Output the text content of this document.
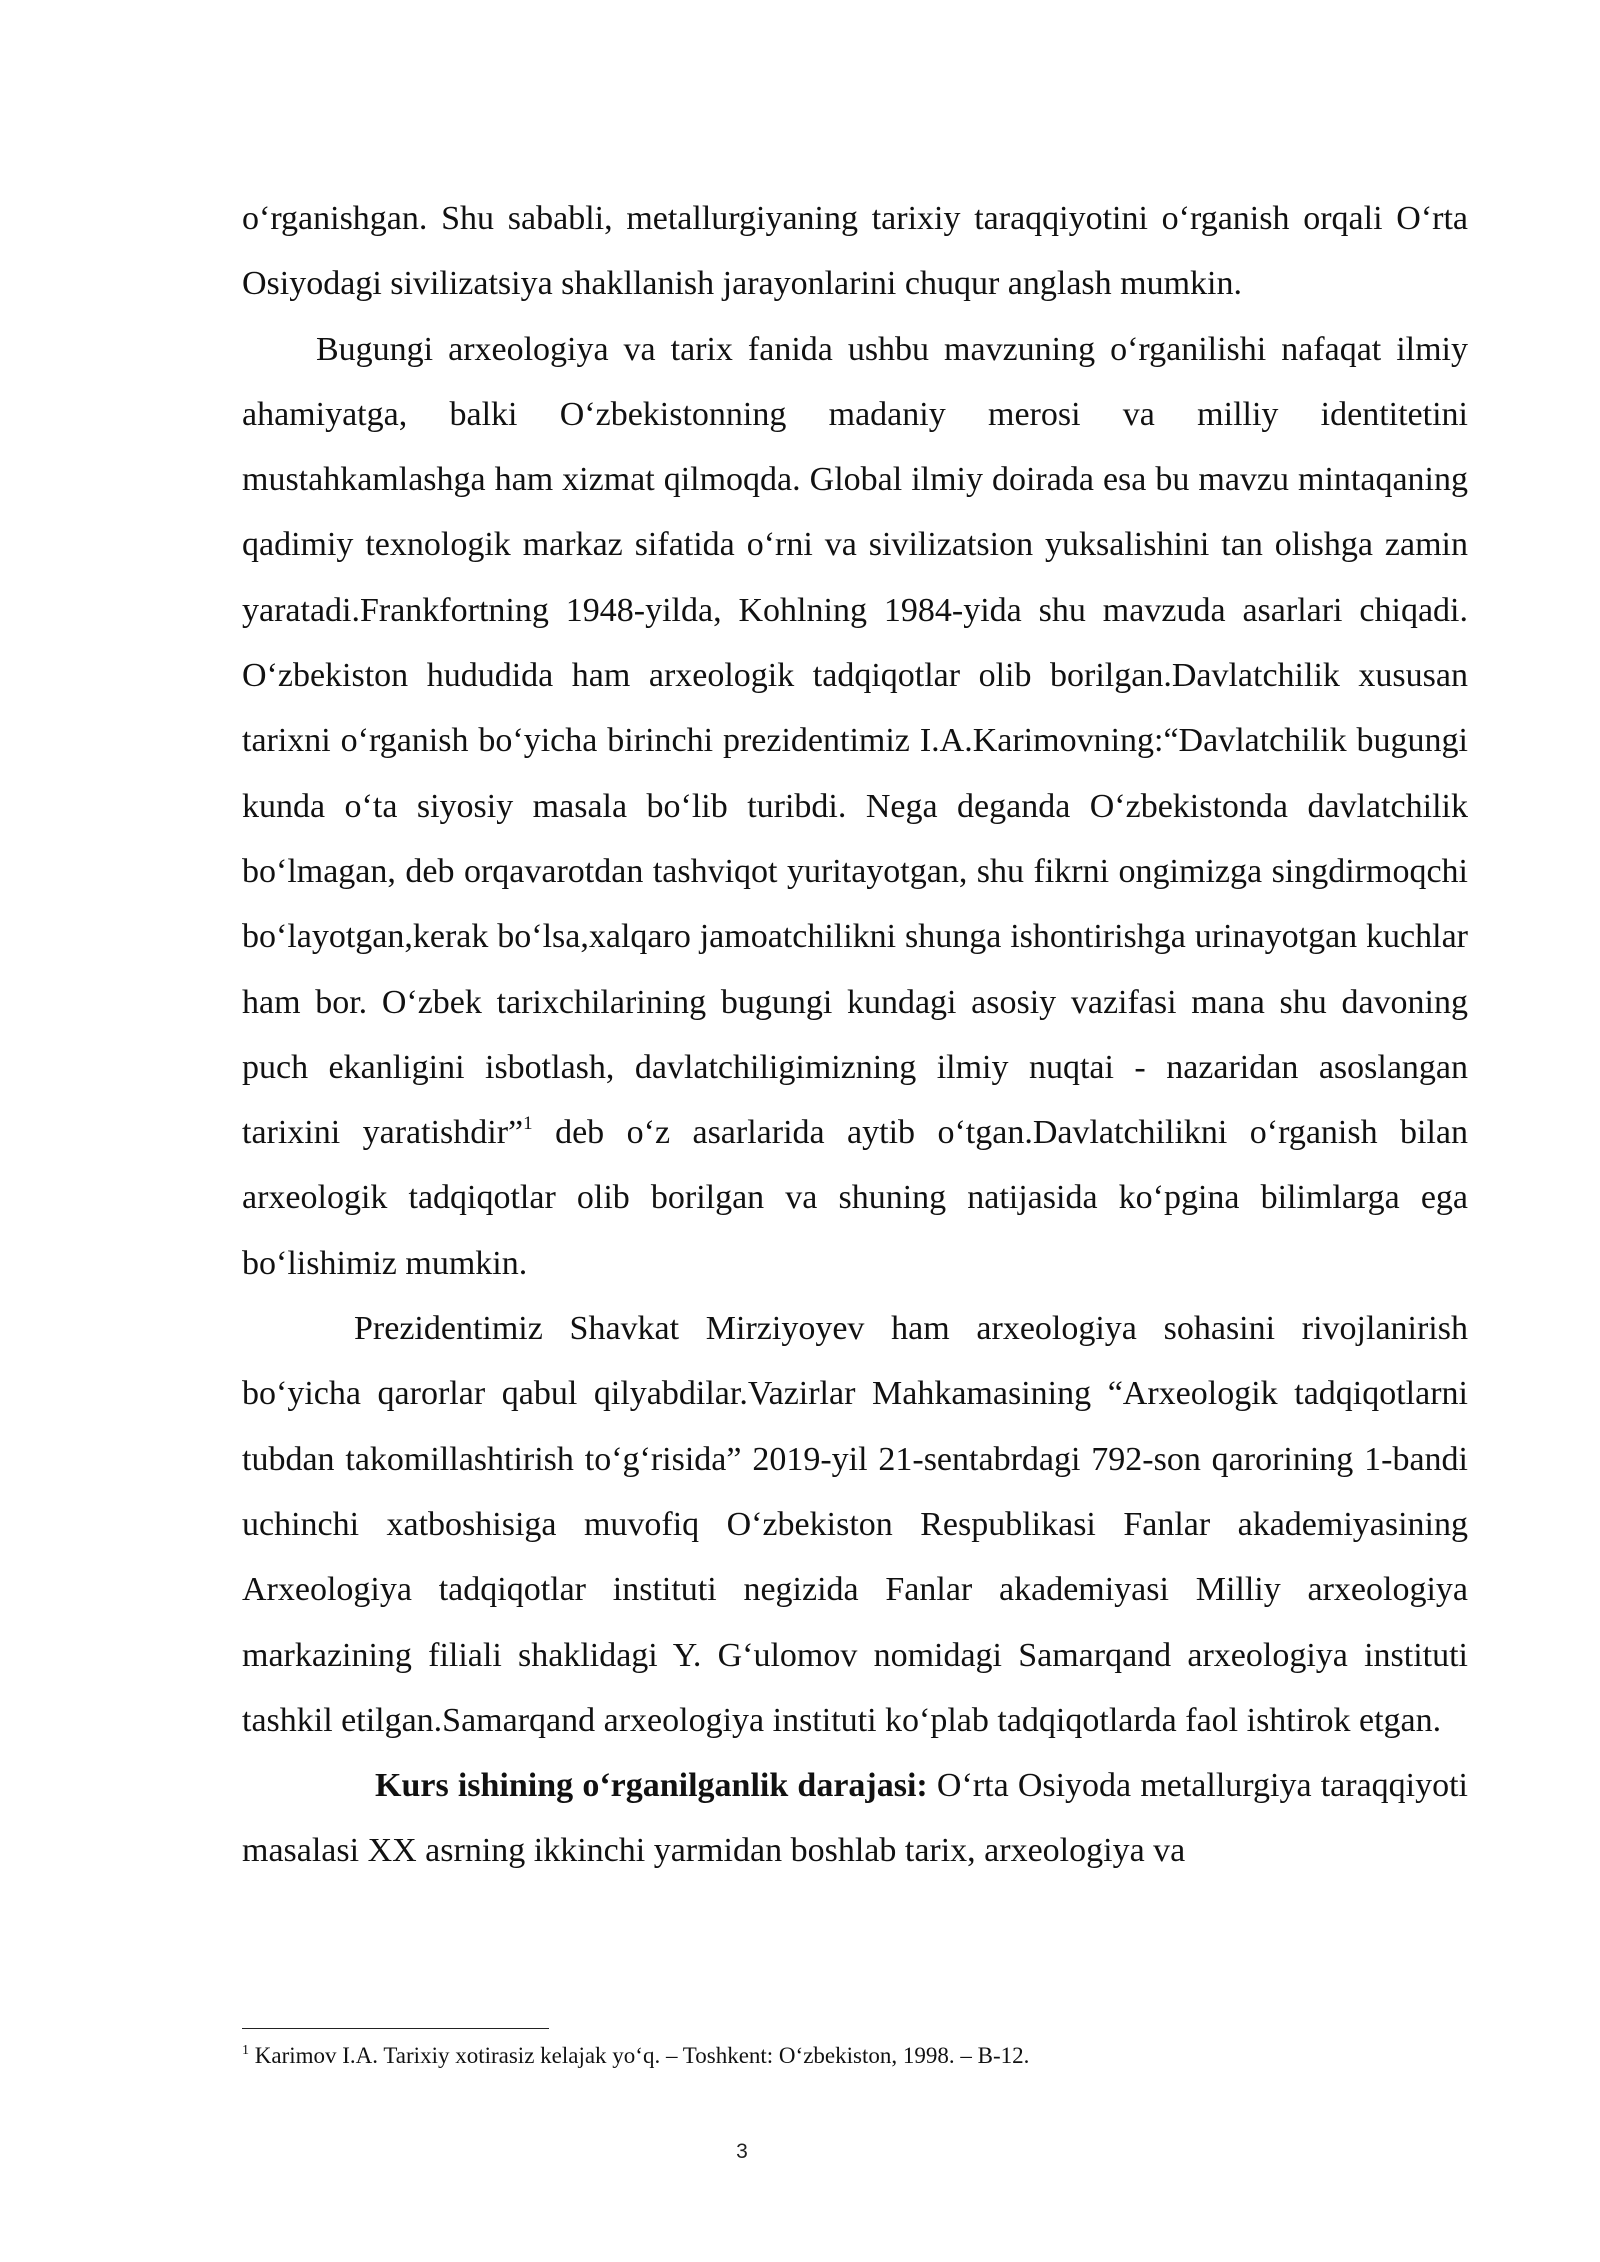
oʻrganishgan. Shu sababli, metallurgiyaning tarixiy taraqqiyotini oʻrganish orqali Oʻrta Osiyodagi sivilizatsiya shakllanish jarayonlarini chuqur anglash mumkin.

Bugungi arxeologiya va tarix fanida ushbu mavzuning oʻrganilishi nafaqat ilmiy ahamiyatga, balki Oʻzbekistonning madaniy merosi va milliy identitetini mustahkamlashga ham xizmat qilmoqda. Global ilmiy doirada esa bu mavzu mintaqaning qadimiy texnologik markaz sifatida oʻrni va sivilizatsion yuksalishini tan olishga zamin yaratadi.Frankfortning 1948-yilda, Kohlning 1984-yida shu mavzuda asarlari chiqadi. Oʻzbekiston hududida ham arxeologik tadqiqotlar olib borilgan.Davlatchilik xususan tarixni oʻrganish boʻyicha birinchi prezidentimiz I.A.Karimovning:“Davlatchilik bugungi kunda oʻta siyosiy masala boʻlib turibdi. Nega deganda Oʻzbekistonda davlatchilik boʻlmagan, deb orqavarotdan tashviqot yuritayotgan, shu fikrni ongimizga singdirmoqchi boʻlayotgan,kerak boʻlsa,xalqaro jamoatchilikni shunga ishontirishga urinayotgan kuchlar ham bor. Oʻzbek tarixchilarining bugungi kundagi asosiy vazifasi mana shu davoning puch ekanligini isbotlash, davlatchiligimizning ilmiy nuqtai - nazaridan asoslangan tarixini yaratishdir”$^1$ deb oʻz asarlarida aytib oʻtgan.Davlatchilikni oʻrganish bilan arxeologik tadqiqotlar olib borilgan va shuning natijasida koʻpgina bilimlarga ega boʻlishimiz mumkin.

Prezidentimiz Shavkat Mirziyoyev ham arxeologiya sohasini rivojlanirish boʻyicha qarorlar qabul qilyabdilar.Vazirlar Mahkamasining “Arxeologik tadqiqotlarni tubdan takomillashtirish toʻgʻrisida” 2019-yil 21-sentabrdagi 792-son qarorining 1-bandi uchinchi xatboshisiga muvofiq Oʻzbekiston Respublikasi Fanlar akademiyasining Arxeologiya tadqiqotlar instituti negizida Fanlar akademiyasi Milliy arxeologiya markazining filiali shaklidagi Y. Gʻulomov nomidagi Samarqand arxeologiya instituti tashkil etilgan.Samarqand arxeologiya instituti koʻplab tadqiqotlarda faol ishtirok etgan.

Kurs ishining oʻrganilganlik darajasi: Oʻrta Osiyoda metallurgiya taraqqiyoti masalasi XX asrning ikkinchi yarmidan boshlab tarix, arxeologiya va

$^1$ Karimov I.A. Tarixiy xotirasiz kelajak yoʻq. – Toshkent: Oʻzbekiston, 1998. – B-12.
3
